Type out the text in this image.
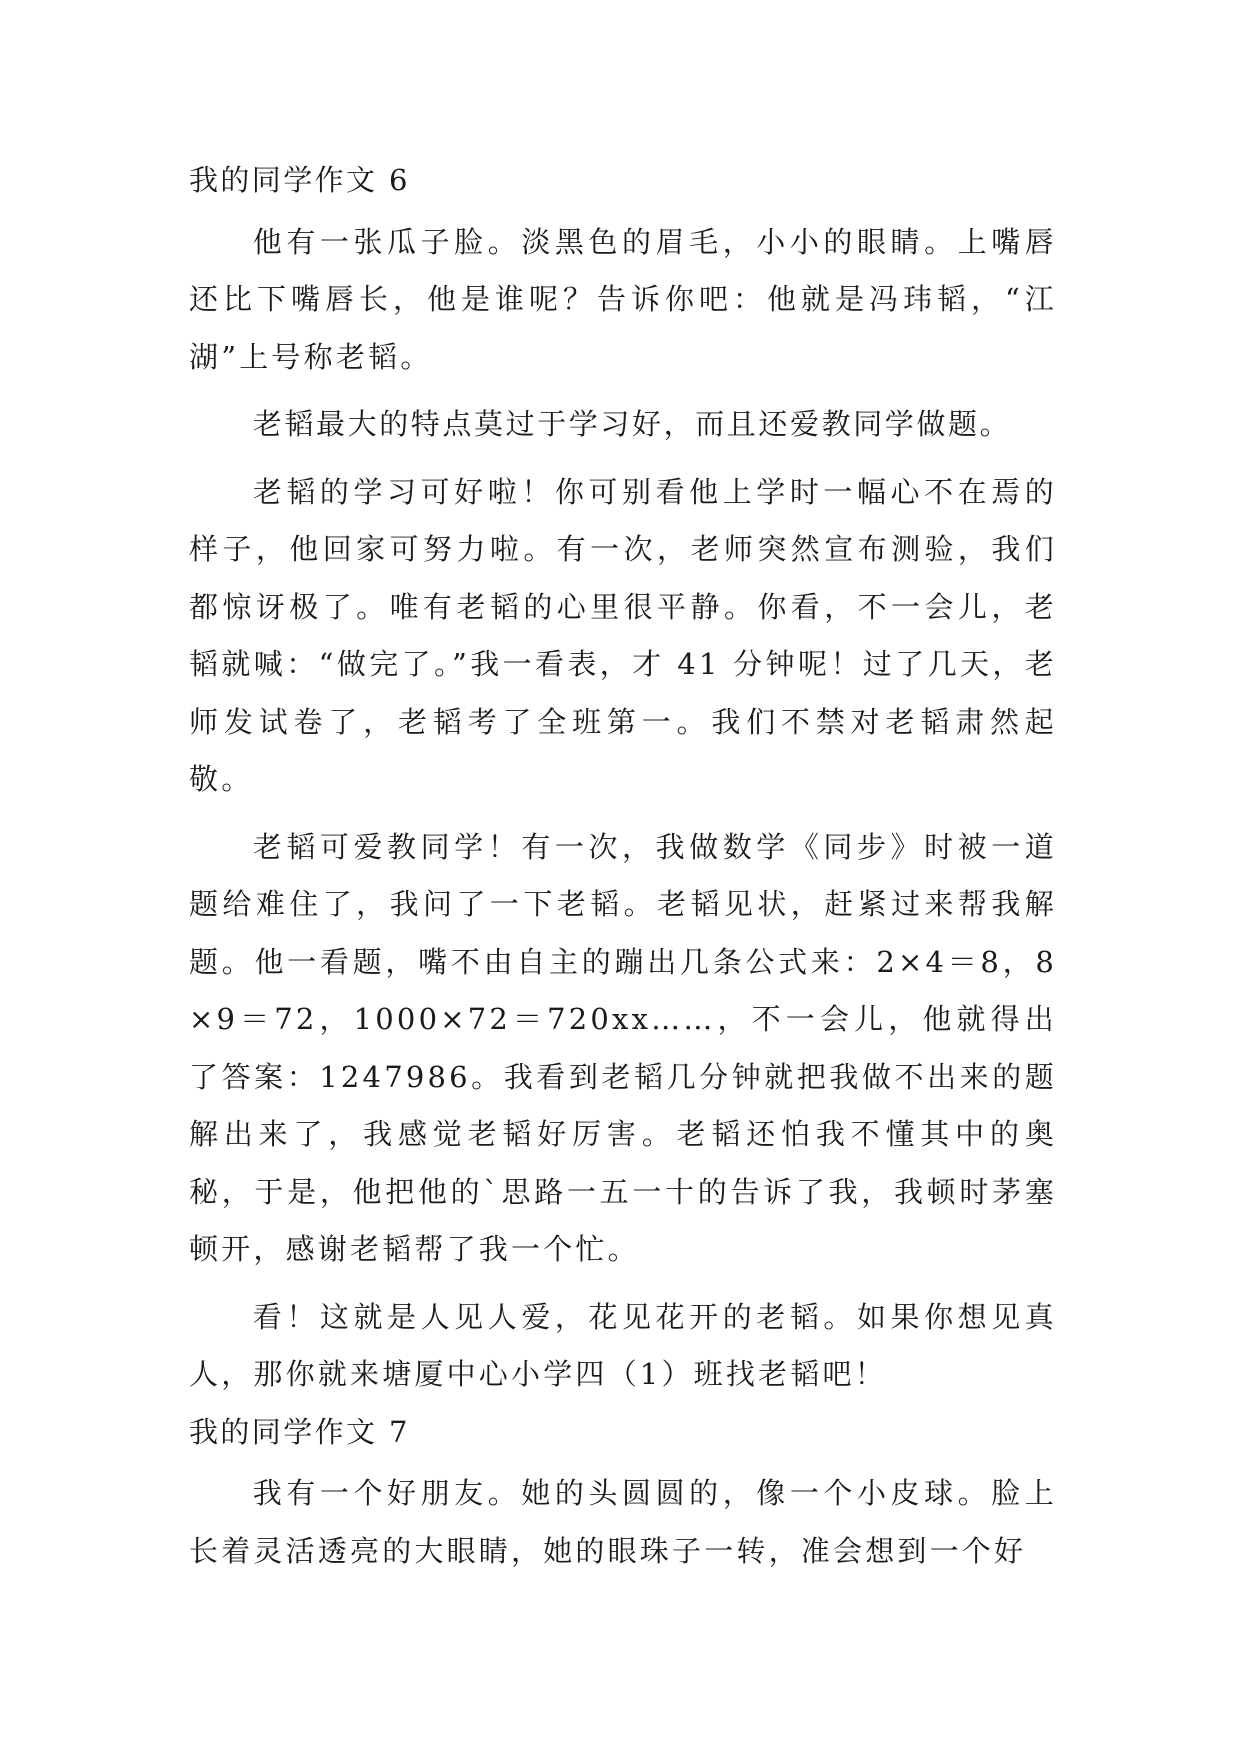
我的同学作文 6

他有一张瓜子脸。淡黑色的眉毛，小小的眼睛。上嘴唇还比下嘴唇长，他是谁呢？告诉你吧：他就是冯玮韬，“江湖”上号称老韬。

老韬最大的特点莫过于学习好，而且还爱教同学做题。

老韬的学习可好啦！你可别看他上学时一幅心不在焉的样子，他回家可努力啦。有一次，老师突然宣布测验，我们都惊讶极了。唯有老韬的心里很平静。你看，不一会儿，老韬就喊：“做完了。”我一看表，才 41 分钟呢！过了几天，老师发试卷了，老韬考了全班第一。我们不禁对老韬肃然起敬。

老韬可爱教同学！有一次，我做数学《同步》时被一道题给难住了，我问了一下老韬。老韬见状，赶紧过来帮我解题。他一看题，嘴不由自主的蹦出几条公式来：2×4＝8，8×9＝72，1000×72＝720xx……，不一会儿，他就得出了答案：1247986。我看到老韬几分钟就把我做不出来的题解出来了，我感觉老韬好厉害。老韬还怕我不懂其中的奥秘，于是，他把他的`思路一五一十的告诉了我，我顿时茅塞顿开，感谢老韬帮了我一个忙。

看！这就是人见人爱，花见花开的老韬。如果你想见真人，那你就来塘厦中心小学四（1）班找老韬吧！

我的同学作文 7

我有一个好朋友。她的头圆圆的，像一个小皮球。脸上长着灵活透亮的大眼睛，她的眼珠子一转，准会想到一个好
